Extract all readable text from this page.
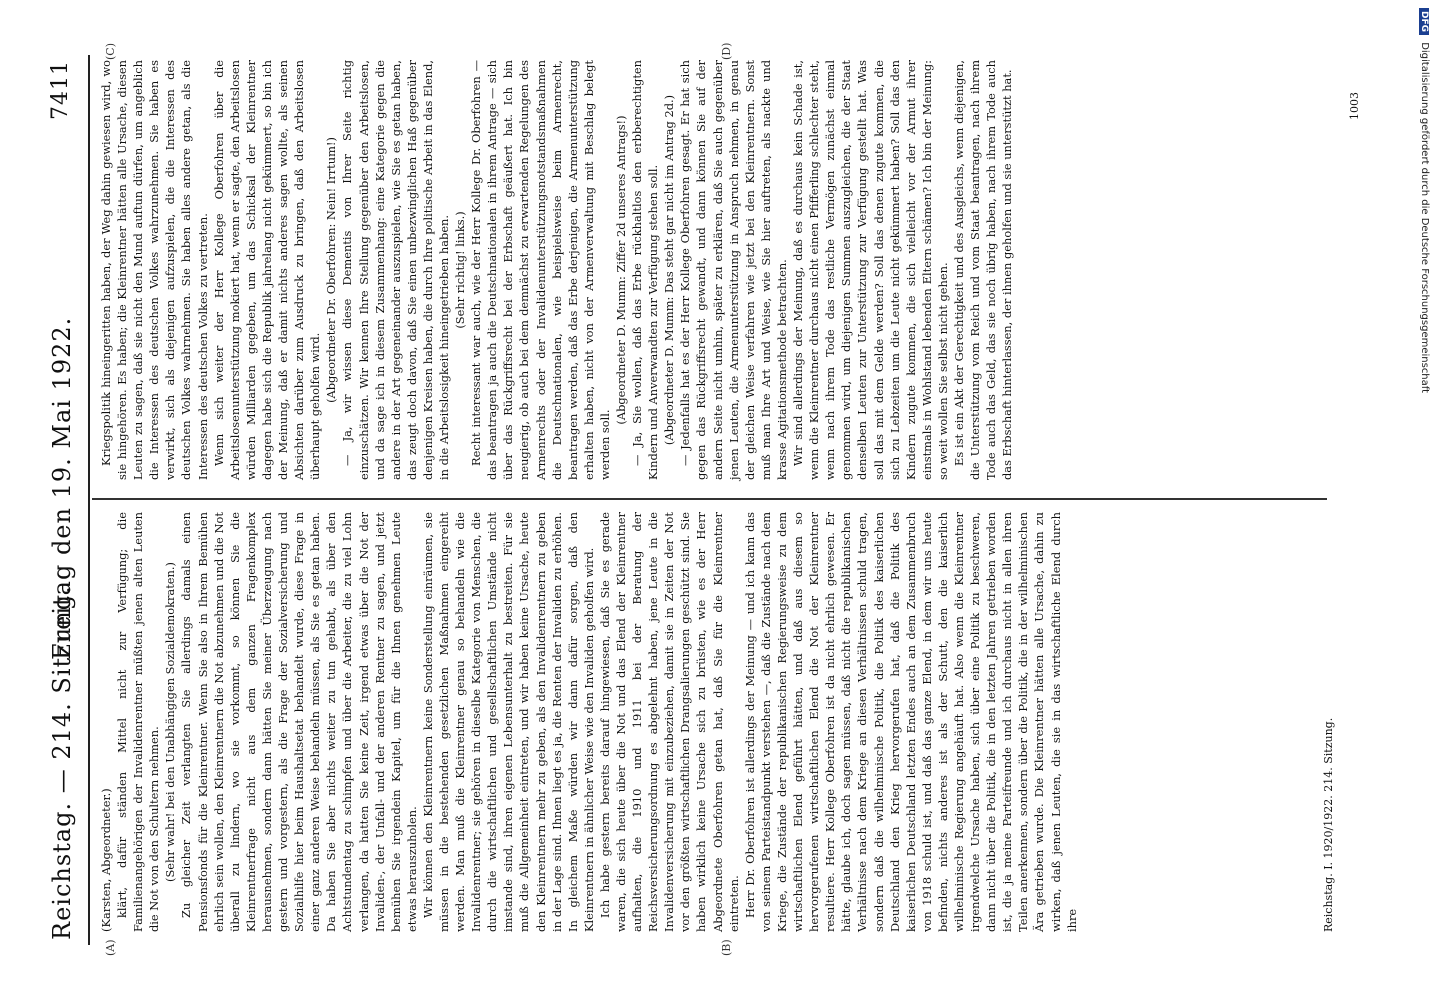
Reichstag. — 214. Sitzung.
Freitag den 19. Mai 1922.
7411
(A)	(B)
(C)	(D)

(Karsten, Abgeordneter.) klärt, dafür ständen Mittel nicht zur Verfügung; die Familienangehörigen der Invalidenrentner müßten jenen alten Leuten die Not von den Schultern nehmen. (Sehr wahr! bei den Unabhängigen Sozialdemokraten.) Zu gleicher Zeit verlangten Sie allerdings damals einen Pensionsfonds für die Kleinrentner. Wenn Sie also in Ihrem Bemühen ehrlich sein wollen, den Kleinrentnern die Not abzunehmen und die Not überall zu lindern, wo sie vorkommt, so können Sie die Kleinrentnerfrage nicht aus dem ganzen Fragenkomplex herausnehmen, sondern dann hätten Sie meiner Überzeugung nach gestern und vorgestern, als die Frage der Sozialversicherung und Sozialhilfe hier beim Haushaltsetat behandelt wurde, diese Frage in einer ganz anderen Weise behandeln müssen, als Sie es getan haben. Da haben Sie aber nichts weiter zu tun gehabt, als über den Achtstundentag zu schimpfen und über die Arbeiter, die zu viel Lohn verlangen, da hatten Sie keine Zeit, irgend etwas über die Not der Invaliden-, der Unfall- und der anderen Rentner zu sagen, und jetzt bemühen Sie irgendein Kapitel, um für die Ihnen genehmen Leute etwas herauszuholen. Wir können den Kleinrentnern keine Sonderstellung einräumen, sie müssen in die bestehenden gesetzlichen Maßnahmen eingereiht werden. Man muß die Kleinrentner genau so behandeln wie die Invalidenrentner; sie gehören in dieselbe Kategorie von Menschen, die durch die wirtschaftlichen und gesellschaftlichen Umstände nicht imstande sind, ihren eigenen Lebensunterhalt zu bestreiten. Für sie muß die Allgemeinheit eintreten, und wir haben keine Ursache, heute den Kleinrentnern mehr zu geben, als den Invalidenrentnern zu geben in der Lage sind. Ihnen liegt es ja, die Renten der Invaliden zu erhöhen. In gleichem Maße würden wir dann dafür sorgen, daß den Kleinrentnern in ähnlicher Weise wie den Invaliden geholfen wird. Ich habe gestern bereits darauf hingewiesen, daß Sie es gerade waren, die sich heute über die Not und das Elend der Kleinrentner aufhalten, die 1910 und 1911 bei der Beratung der Reichsversicherungsordnung es abgelehnt haben, jene Leute in die Invalidenversicherung mit einzubeziehen, damit sie in Zeiten der Not vor den größten wirtschaftlichen Drangsalierungen geschützt sind. Sie haben wirklich keine Ursache sich zu brüsten, wie es der Herr Abgeordnete Oberfohren getan hat, daß Sie für die Kleinrentner eintreten. Herr Dr. Oberfohren ist allerdings der Meinung — und ich kann das von seinem Parteistandpunkt verstehen —, daß die Zustände nach dem Kriege, die Zustände der republikanischen Regierungsweise zu dem wirtschaftlichen Elend geführt hätten, und daß aus diesem so hervorgerufenen wirtschaftlichen Elend die Not der Kleinrentner resultiere. Herr Kollege Oberfohren ist da nicht ehrlich gewesen. Er hätte, glaube ich, doch sagen müssen, daß nicht die republikanischen Verhältnisse nach dem Kriege an diesen Verhältnissen schuld tragen, sondern daß die wilhelminische Politik, die Politik des kaiserlichen Deutschland den Krieg hervorgerufen hat, daß die Politik des kaiserlichen Deutschland letzten Endes auch an dem Zusammenbruch von 1918 schuld ist, und daß das ganze Elend, in dem wir uns heute befinden, nichts anderes ist als der Schutt, den die kaiserlich wilhelminische Regierung angehäuft hat. Also wenn die Kleinrentner irgendwelche Ursache haben, sich über eine Politik zu beschweren, dann nicht über die Politik, die in den letzten Jahren getrieben worden ist, die ja meine Parteifreunde und ich durchaus nicht in allen ihren Teilen anerkennen, sondern über die Politik, die in der wilhelminischen Ära getrieben wurde. Die Kleinrentner hätten alle Ursache, dahin zu wirken, daß jenen Leuten, die sie in das wirtschaftliche Elend durch ihre

Kriegspolitik hineingeritten haben, der Weg dahin gewiesen wird, wo sie hingehören. Es haben; die Kleinrentner hätten alle Ursache, diesen Leuten zu sagen, daß sie nicht den Mund auftun dürfen, um angeblich die Interessen des deutschen Volkes wahrzunehmen. Sie haben es verwirkt, sich als diejenigen aufzuspielen, die die Interessen des deutschen Volkes wahrnehmen. Sie haben alles andere getan, als die Interessen des deutschen Volkes zu vertreten. Wenn sich weiter der Herr Kollege Oberfohren über die Arbeitslosenunterstützung mokiert hat, wenn er sagte, den Arbeitslosen würden Milliarden gegeben, um das Schicksal der Kleinrentner dagegen habe sich die Republik jahrelang nicht gekümmert, so bin ich der Meinung, daß er damit nichts anderes sagen wollte, als seinen Absichten darüber zum Ausdruck zu bringen, daß den Arbeitslosen überhaupt geholfen wird.

(Abgeordneter Dr. Oberfohren: Nein! Irrtum!) — Ja, wir wissen diese Dementis von Ihrer Seite richtig einzuschätzen. Wir kennen Ihre Stellung gegenüber den Arbeitslosen, und da sage ich in diesem Zusammenhang: eine Kategorie gegen die andere in der Art gegeneinander auszuspielen, wie Sie es getan haben, das zeugt doch davon, daß Sie einen unbezwinglichen Haß gegenüber denjenigen Kreisen haben, die durch Ihre politische Arbeit in das Elend, in die Arbeitslosigkeit hineingetrieben haben. (Sehr richtig! links.) Recht interessant war auch, wie der Herr Kollege Dr. Oberfohren — das beantragen ja auch die Deutschnationalen in ihrem Antrage — sich über das Rückgriffsrecht bei der Erbschaft geäußert hat. Ich bin neugierig, ob auch bei dem demnächst zu erwartenden Regelungen des Armenrechts oder der Invalidenunterstützungsnotstandsmaßnahmen die Deutschnationalen, wie beispielsweise beim Armenrecht, beantragen werden, daß das Erbe derjenigen, die Armenunterstützung erhalten haben, nicht von der Armenverwaltung mit Beschlag belegt werden soll.

(Abgeordneter D. Mumm: Ziffer 2d unseres Antrags!) — Ja, Sie wollen, daß das Erbe rückhaltlos den erbberechtigten Kindern und Anverwandten zur Verfügung stehen soll. (Abgeordneter D. Mumm: Das steht gar nicht im Antrag 2d.) — Jedenfalls hat es der Herr Kollege Oberfohren gesagt. Er hat sich gegen das Rückgriffsrecht gewandt, und dann können Sie auf der andern Seite nicht umhin, später zu erklären, daß Sie auch gegenüber jenen Leuten, die Armenunterstützung in Anspruch nehmen, in genau der gleichen Weise verfahren wie jetzt bei den Kleinrentnern. Sonst muß man Ihre Art und Weise, wie Sie hier auftreten, als nackte und krasse Agitationsmethode betrachten. Wir sind allerdings der Meinung, daß es durchaus kein Schade ist, wenn die Kleinrentner durchaus nicht einen Pfifferling schlechter steht, wenn nach ihrem Tode das restliche Vermögen zunächst einmal genommen wird, um diejenigen Summen auszugleichen, die der Staat denselben Leuten zur Unterstützung zur Verfügung gestellt hat. Was soll das mit dem Gelde werden? Soll das denen zugute kommen, die sich zu Lebzeiten um die Leute nicht gekümmert haben? Soll das den Kindern zugute kommen, die sich vielleicht vor der Armut ihrer einstmals in Wohlstand lebenden Eltern schämen? Ich bin der Meinung: so weit wollen Sie selbst nicht gehen. Es ist ein Akt der Gerechtigkeit und des Ausgleichs, wenn diejenigen, die Unterstützung vom Reich und vom Staat beantragen, nach ihrem Tode auch das Geld, das sie noch übrig haben, nach ihrem Tode auch das Erbschaft hinterlassen, der ihnen geholfen und sie unterstützt hat.

Reichstag. I. 1920/1922. 214. Sitzung.
1003
DFG Digitalisierung gefördert durch die Deutsche Forschungsgemeinschaft
